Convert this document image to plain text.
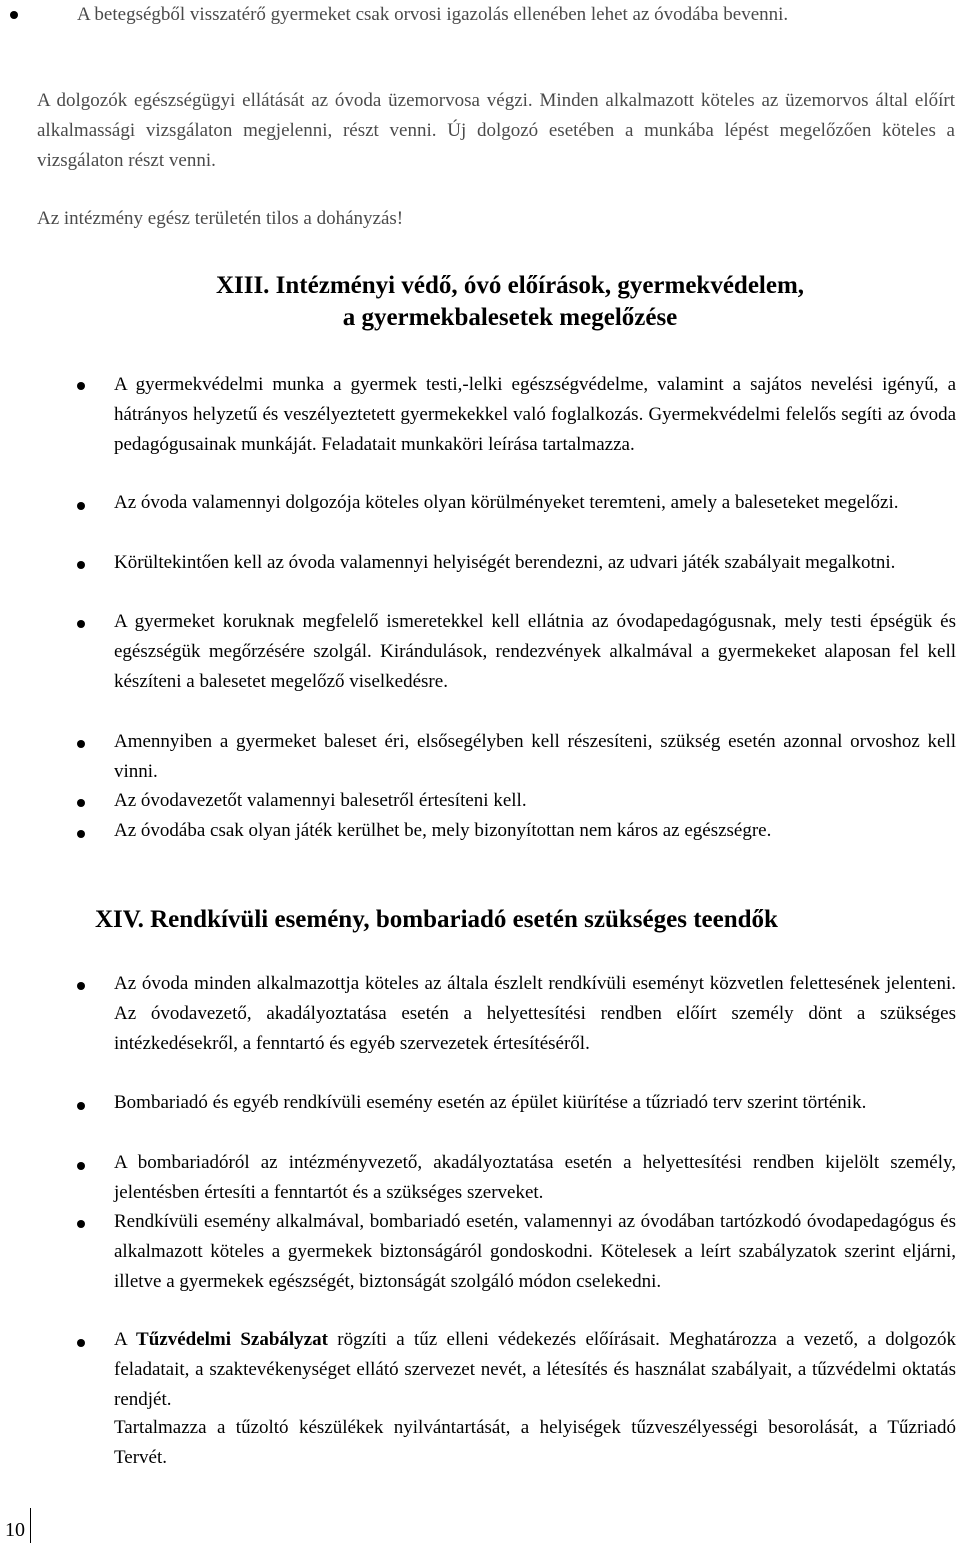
A betegségből visszatérő gyermeket csak orvosi igazolás ellenében lehet az óvodába bevenni.

A dolgozók egészségügyi ellátását az óvoda üzemorvosa végzi. Minden alkalmazott köteles az üzemorvos által előírt alkalmassági vizsgálaton megjelenni, részt venni. Új dolgozó esetében a munkába lépést megelőzően köteles a vizsgálaton részt venni.

Az intézmény egész területén tilos a dohányzás!

XIII. Intézményi védő, óvó előírások, gyermekvédelem,
a gyermekbalesetek megelőzése

A gyermekvédelmi munka a gyermek testi,-lelki egészségvédelme, valamint a sajátos nevelési igényű, a hátrányos helyzetű és veszélyeztetett gyermekekkel való foglalkozás. Gyermekvédelmi felelős segíti az óvoda pedagógusainak munkáját. Feladatait munkaköri leírása tartalmazza.

Az óvoda valamennyi dolgozója köteles olyan körülményeket teremteni, amely a baleseteket megelőzi.

Körültekintően kell az óvoda valamennyi helyiségét berendezni, az udvari játék szabályait megalkotni.

A gyermeket koruknak megfelelő ismeretekkel kell ellátnia az óvodapedagógusnak, mely testi épségük és egészségük megőrzésére szolgál. Kirándulások, rendezvények alkalmával a gyermekeket alaposan fel kell készíteni a balesetet megelőző viselkedésre.

Amennyiben a gyermeket baleset éri, elsősegélyben kell részesíteni, szükség esetén azonnal orvoshoz kell vinni.

Az óvodavezetőt valamennyi balesetről értesíteni kell.

Az óvodába csak olyan játék kerülhet be, mely bizonyítottan nem káros az egészségre.

XIV. Rendkívüli esemény, bombariadó esetén szükséges teendők

Az óvoda minden alkalmazottja köteles az általa észlelt rendkívüli eseményt közvetlen felettesének jelenteni. Az óvodavezető, akadályoztatása esetén a helyettesítési rendben előírt személy dönt a szükséges intézkedésekről, a fenntartó és egyéb szervezetek értesítéséről.

Bombariadó és egyéb rendkívüli esemény esetén az épület kiürítése a tűzriadó terv szerint történik.

A bombariadóról az intézményvezető, akadályoztatása esetén a helyettesítési rendben kijelölt személy, jelentésben értesíti a fenntartót és a szükséges szerveket.

Rendkívüli esemény alkalmával, bombariadó esetén, valamennyi az óvodában tartózkodó óvodapedagógus és alkalmazott köteles a gyermekek biztonságáról gondoskodni. Kötelesek a leírt szabályzatok szerint eljárni, illetve a gyermekek egészségét, biztonságát szolgáló módon cselekedni.

A Tűzvédelmi Szabályzat rögzíti a tűz elleni védekezés előírásait. Meghatározza a vezető, a dolgozók feladatait, a szaktevékenységet ellátó szervezet nevét, a létesítés és használat szabályait, a tűzvédelmi oktatás rendjét.

Tartalmazza a tűzoltó készülékek nyilvántartását, a helyiségek tűzveszélyességi besorolását, a Tűzriadó Tervét.

10
